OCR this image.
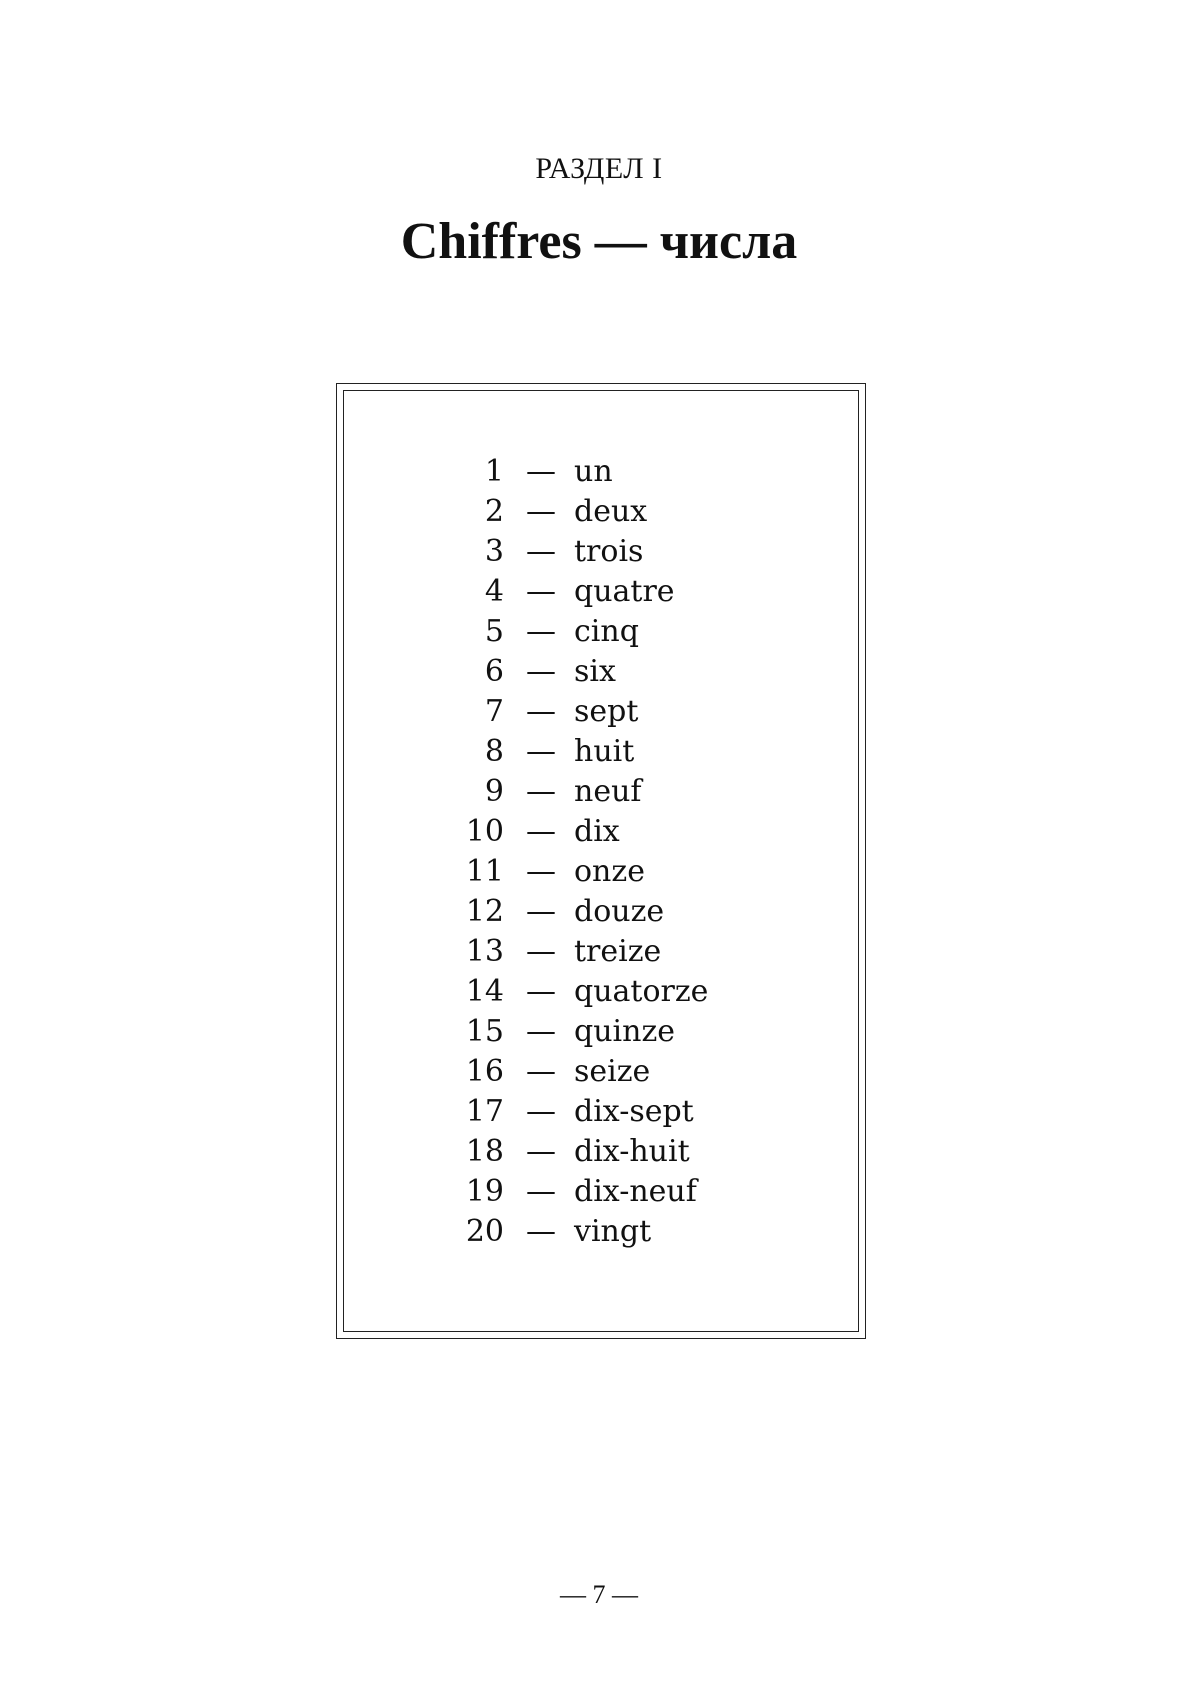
РАЗДЕЛ I
Chiffres — числа
1 — un
2 — deux
3 — trois
4 — quatre
5 — cinq
6 — six
7 — sept
8 — huit
9 — neuf
10 — dix
11 — onze
12 — douze
13 — treize
14 — quatorze
15 — quinze
16 — seize
17 — dix-sept
18 — dix-huit
19 — dix-neuf
20 — vingt
— 7 —
